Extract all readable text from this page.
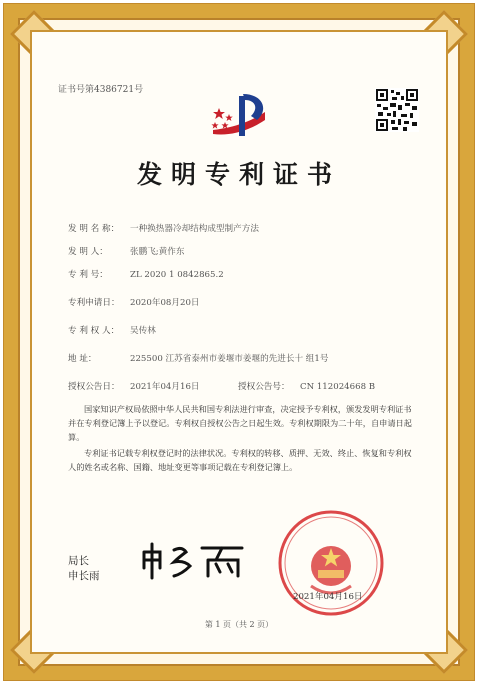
证书号第4386721号
发明专利证书
发 明 名 称： 一种换热器冷却结构成型制产方法
发 明 人：	张鹏飞;黄作东
专 利 号：	ZL 2020 1 0842865.2
专利申请日： 2020年08月20日
专 利 权 人： 吴传林
地 址：	225500 江苏省泰州市姜堰市姜堰的先进长十 组1号
授权公告日： 2021年04月16日	授权公告号： CN 112024668 B
国家知识产权局依照中华人民共和国专利法进行审查，决定授予专利权，颁发发明专利证书并在专利登记簿上予以登记。专利权自授权公告之日起生效。专利权期限为二十年，自申请日起算。
专利证书记载专利权登记时的法律状况。专利权的转移、质押、无效、终止、恢复和专利权人的姓名或名称、国籍、地址变更等事项记载在专利登记簿上。
局长
申长雨
2021年04月16日
第 1 页（共 2 页）
